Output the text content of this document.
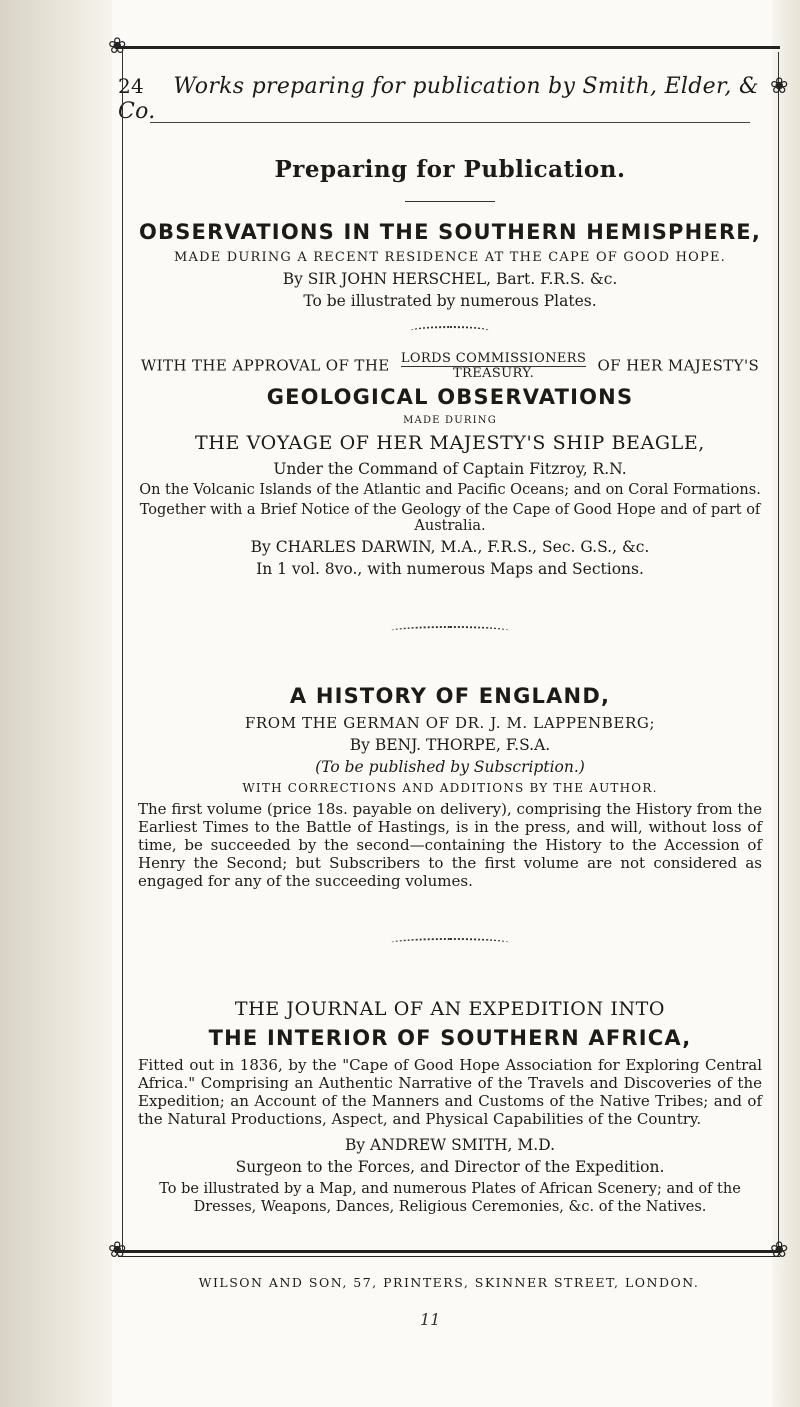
24 Works preparing for publication by Smith, Elder, & Co.
❀
❀
❀	❀
Preparing for Publication.
OBSERVATIONS IN THE SOUTHERN HEMISPHERE,
MADE DURING A RECENT RESIDENCE AT THE CAPE OF GOOD HOPE.
By SIR JOHN HERSCHEL, Bart. F.R.S. &c.
To be illustrated by numerous Plates.
WITH THE APPROVAL OF THE LORDS COMMISSIONERS
TREASURY.	OF HER MAJESTY'S
GEOLOGICAL OBSERVATIONS
MADE DURING
THE VOYAGE OF HER MAJESTY'S SHIP BEAGLE,
Under the Command of Captain Fitzroy, R.N.
On the Volcanic Islands of the Atlantic and Pacific Oceans; and on Coral Formations.
Together with a Brief Notice of the Geology of the Cape of Good Hope and of part of Australia.
By CHARLES DARWIN, M.A., F.R.S., Sec. G.S., &c.
In 1 vol. 8vo., with numerous Maps and Sections.
A HISTORY OF ENGLAND,
FROM THE GERMAN OF DR. J. M. LAPPENBERG;
By BENJ. THORPE, F.S.A.
(To be published by Subscription.)
WITH CORRECTIONS AND ADDITIONS BY THE AUTHOR.
The first volume (price 18s. payable on delivery), comprising the History from the Earliest Times to the Battle of Hastings, is in the press, and will, without loss of time, be succeeded by the second—containing the History to the Accession of Henry the Second; but Subscribers to the first volume are not considered as engaged for any of the succeeding volumes.
THE JOURNAL OF AN EXPEDITION INTO
THE INTERIOR OF SOUTHERN AFRICA,
Fitted out in 1836, by the "Cape of Good Hope Association for Exploring Central Africa." Comprising an Authentic Narrative of the Travels and Discoveries of the Expedition; an Account of the Manners and Customs of the Native Tribes; and of the Natural Productions, Aspect, and Physical Capabilities of the Country.
By ANDREW SMITH, M.D.
Surgeon to the Forces, and Director of the Expedition.
To be illustrated by a Map, and numerous Plates of African Scenery; and of the Dresses, Weapons, Dances, Religious Ceremonies, &c. of the Natives.
WILSON AND SON, 57, PRINTERS, SKINNER STREET, LONDON.
11
